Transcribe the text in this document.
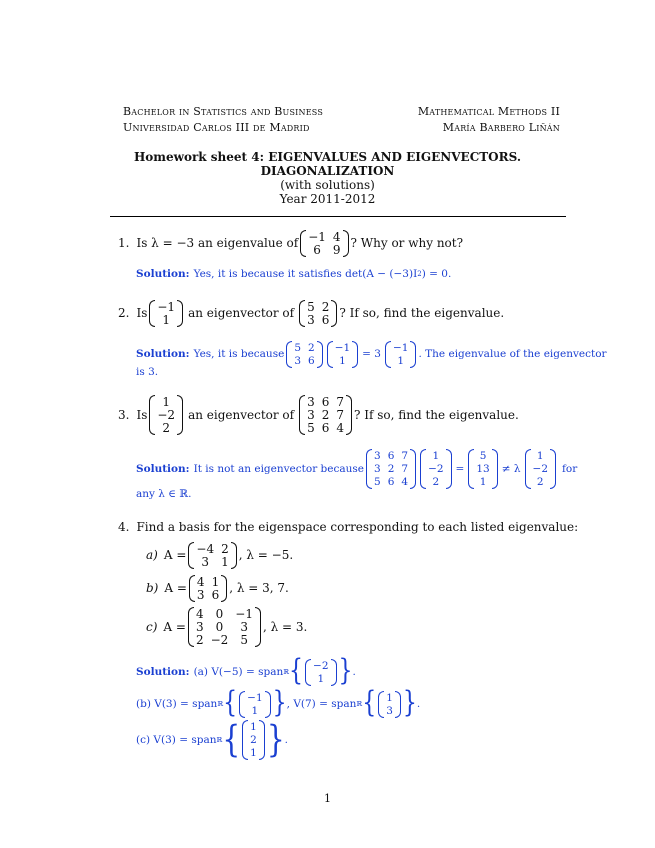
Bachelor in Statistics and Business
Universidad Carlos III de Madrid
Mathematical Methods II
María Barbero Liñán
Homework sheet 4: EIGENVALUES AND EIGENVECTORS.
DIAGONALIZATION
(with solutions)
Year 2011-2012
1. Is λ = −3 an eigenvalue of −1 4
6	9 ? Why or why not?
Solution: Yes, it is because it satisfies det(A − (−3)I 2 ) = 0.
2. Is −1
1	an eigenvector of 5 2
3 6 ? If so, find the eigenvalue.
Solution: Yes, it is because
5 2
3 6
−1
1
= 3
−1
1
. The eigenvalue of the eigenvector
is 3.
3. Is
1
−2
2
an eigenvector of
3 6 7
3 2 7
5 6 4
? If so, find the eigenvalue.
Solution: It is not an eigenvector because
3 6 7
3 2 7
5 6 4
1
−2
2
=
5
13
1
≠ λ
1
−2
2
for
any λ ∈ ℝ.
4. Find a basis for the eigenspace corresponding to each listed eigenvalue:
a) A = −4 2
3	1 , λ = −5.
b) A = 4 1
3 6 , λ = 3, 7.
c) A =
4	0	−1
3	0	3
2 −2	5
, λ = 3.
Solution: (a) V(−5) = span ℝ { −2
1 } .
(b) V(3) = span ℝ { −1
1 } , V(7) = span ℝ { 1
3 } .
(c) V(3) = span ℝ { 1
2
1 } .
1
